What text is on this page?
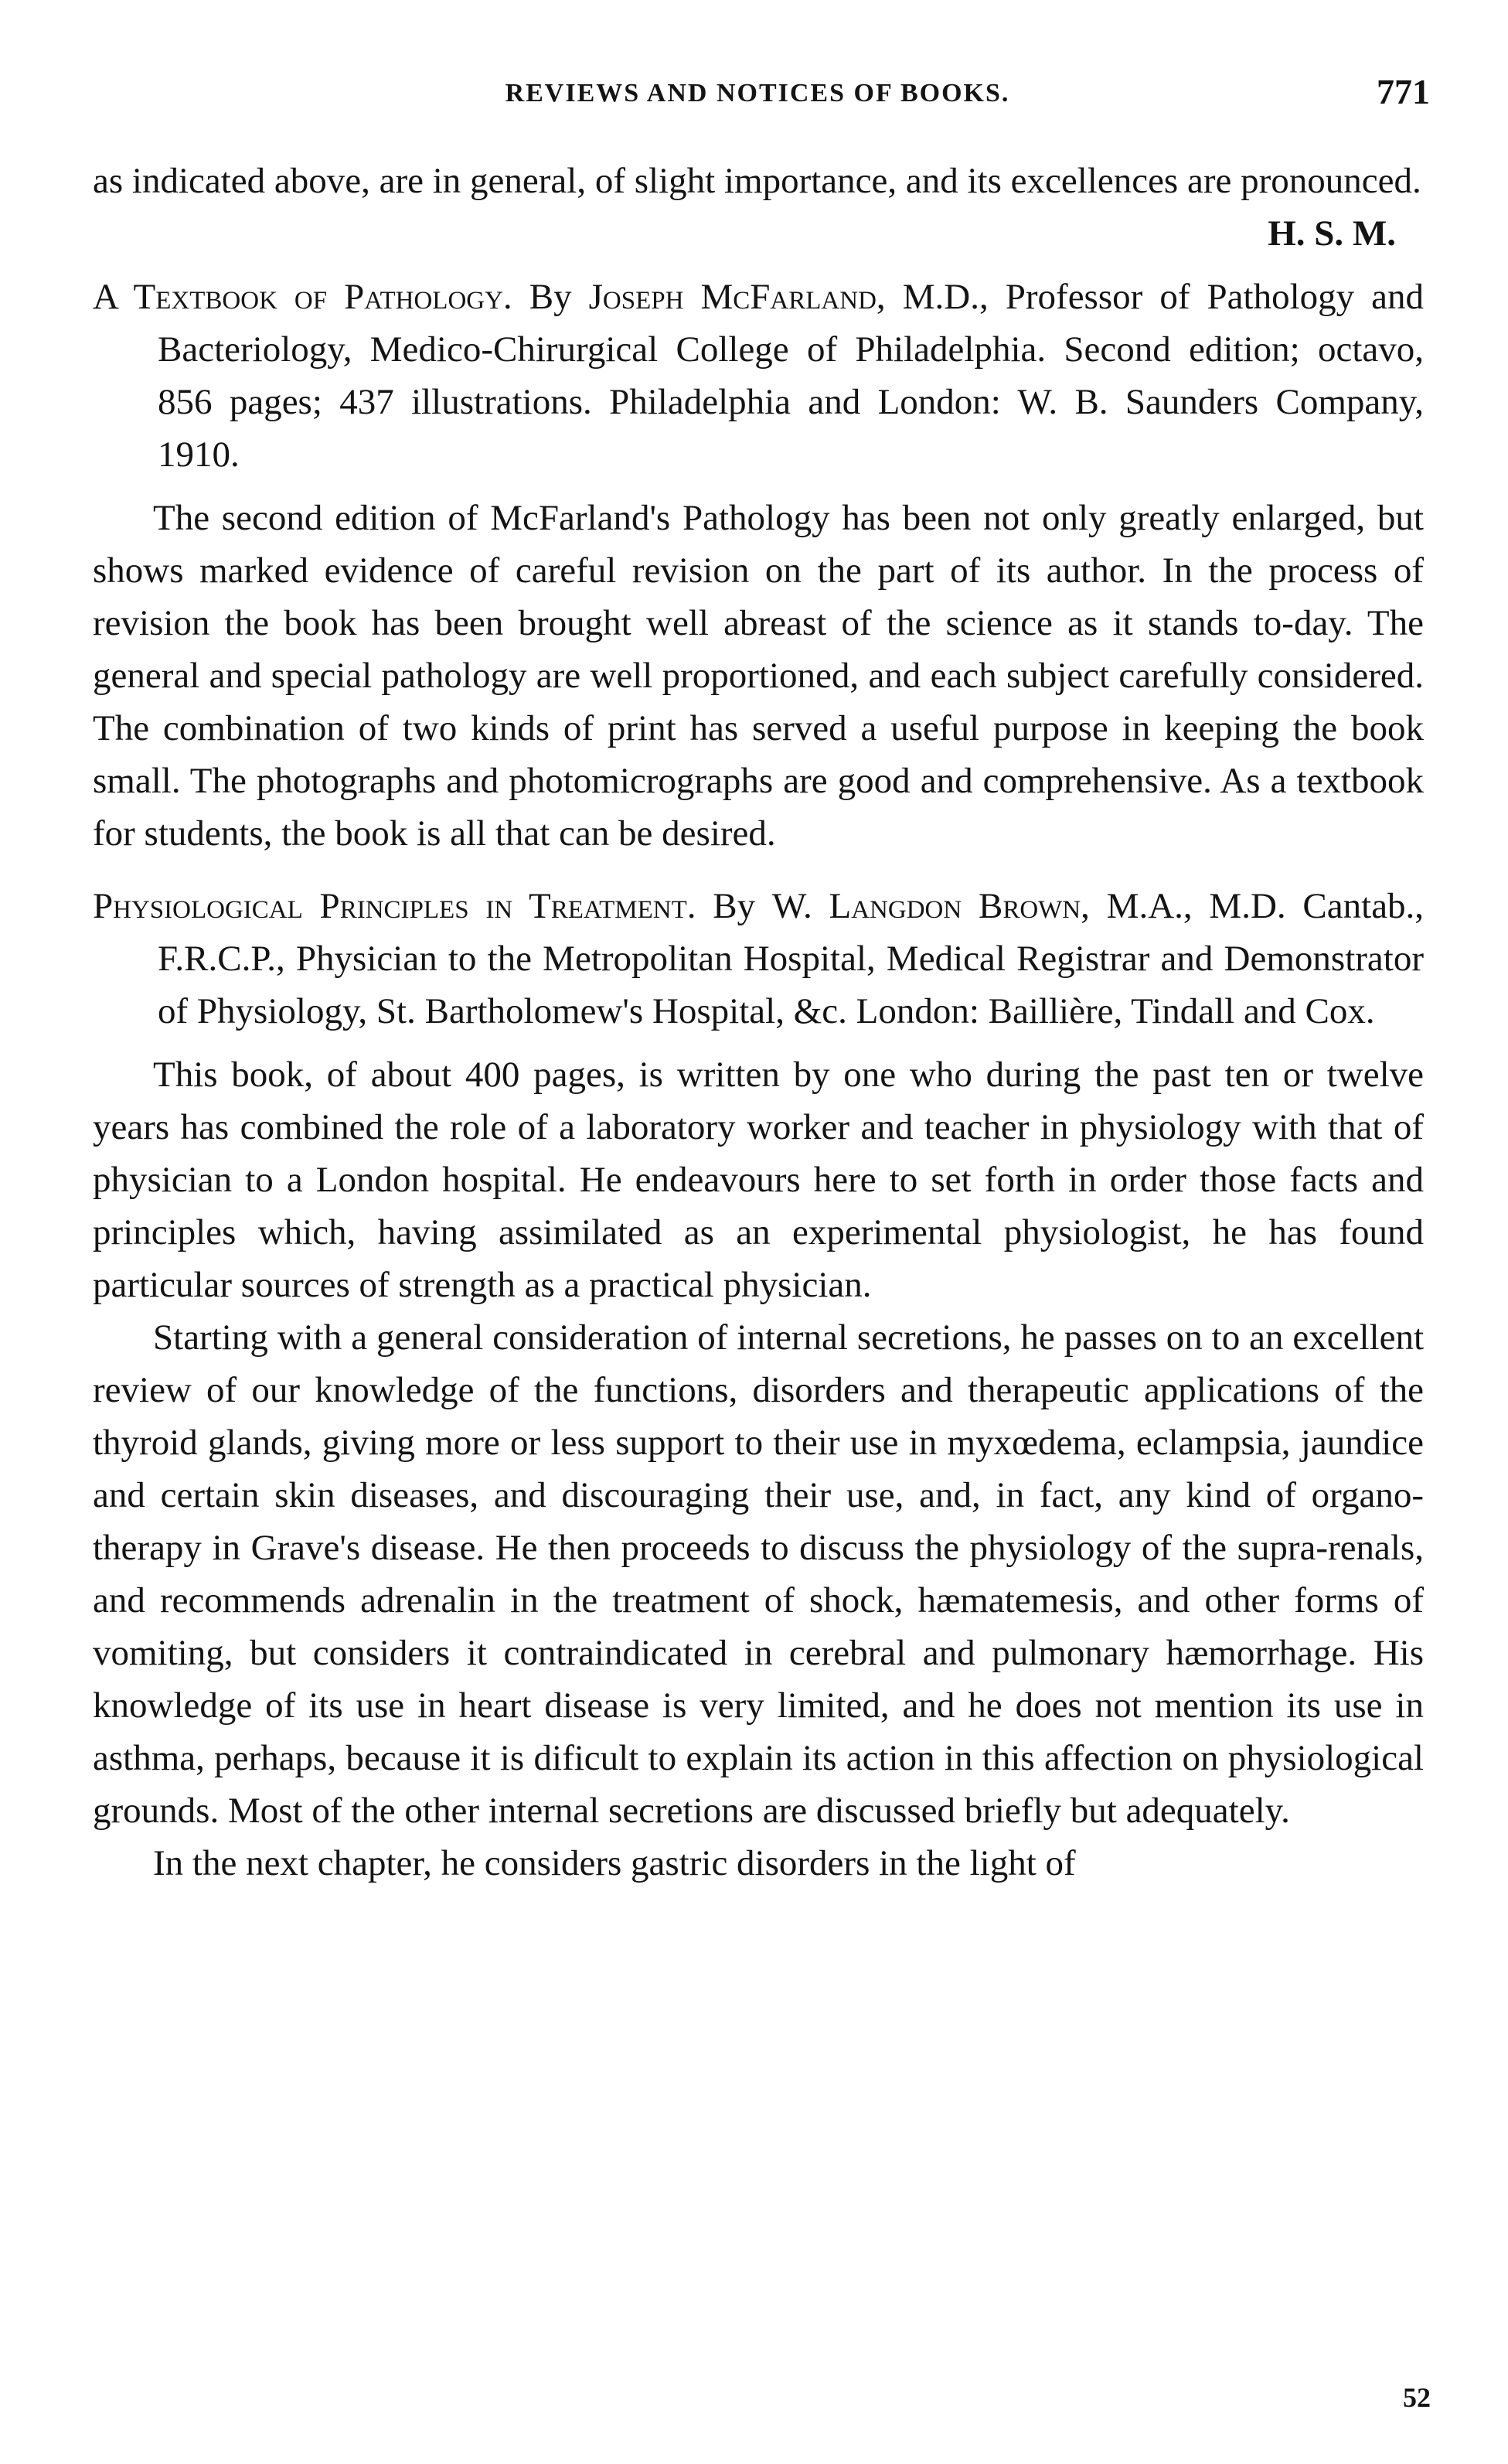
REVIEWS AND NOTICES OF BOOKS.	771

as indicated above, are in general, of slight importance, and its excellences are pronounced.

H. S. M.

A Textbook of Pathology. By Joseph McFarland, M.D., Professor of Pathology and Bacteriology, Medico-Chirurgical College of Philadelphia. Second edition; octavo, 856 pages; 437 illustrations. Philadelphia and London: W. B. Saunders Company, 1910.

The second edition of McFarland's Pathology has been not only greatly enlarged, but shows marked evidence of careful revision on the part of its author. In the process of revision the book has been brought well abreast of the science as it stands to-day. The general and special pathology are well proportioned, and each subject carefully considered. The combination of two kinds of print has served a useful purpose in keeping the book small. The photographs and photomicrographs are good and comprehensive. As a textbook for students, the book is all that can be desired.

Physiological Principles in Treatment. By W. Langdon Brown, M.A., M.D. Cantab., F.R.C.P., Physician to the Metropolitan Hospital, Medical Registrar and Demonstrator of Physiology, St. Bartholomew's Hospital, &c. London: Baillière, Tindall and Cox.

This book, of about 400 pages, is written by one who during the past ten or twelve years has combined the role of a laboratory worker and teacher in physiology with that of physician to a London hospital. He endeavours here to set forth in order those facts and principles which, having assimilated as an experimental physiologist, he has found particular sources of strength as a practical physician.

Starting with a general consideration of internal secretions, he passes on to an excellent review of our knowledge of the functions, disorders and therapeutic applications of the thyroid glands, giving more or less support to their use in myxœdema, eclampsia, jaundice and certain skin diseases, and discouraging their use, and, in fact, any kind of organo-therapy in Grave's disease. He then proceeds to discuss the physiology of the supra-renals, and recommends adrenalin in the treatment of shock, hæmatemesis, and other forms of vomiting, but considers it contraindicated in cerebral and pulmonary hæmorrhage. His knowledge of its use in heart disease is very limited, and he does not mention its use in asthma, perhaps, because it is dificult to explain its action in this affection on physiological grounds. Most of the other internal secretions are discussed briefly but adequately.

In the next chapter, he considers gastric disorders in the light of

52
